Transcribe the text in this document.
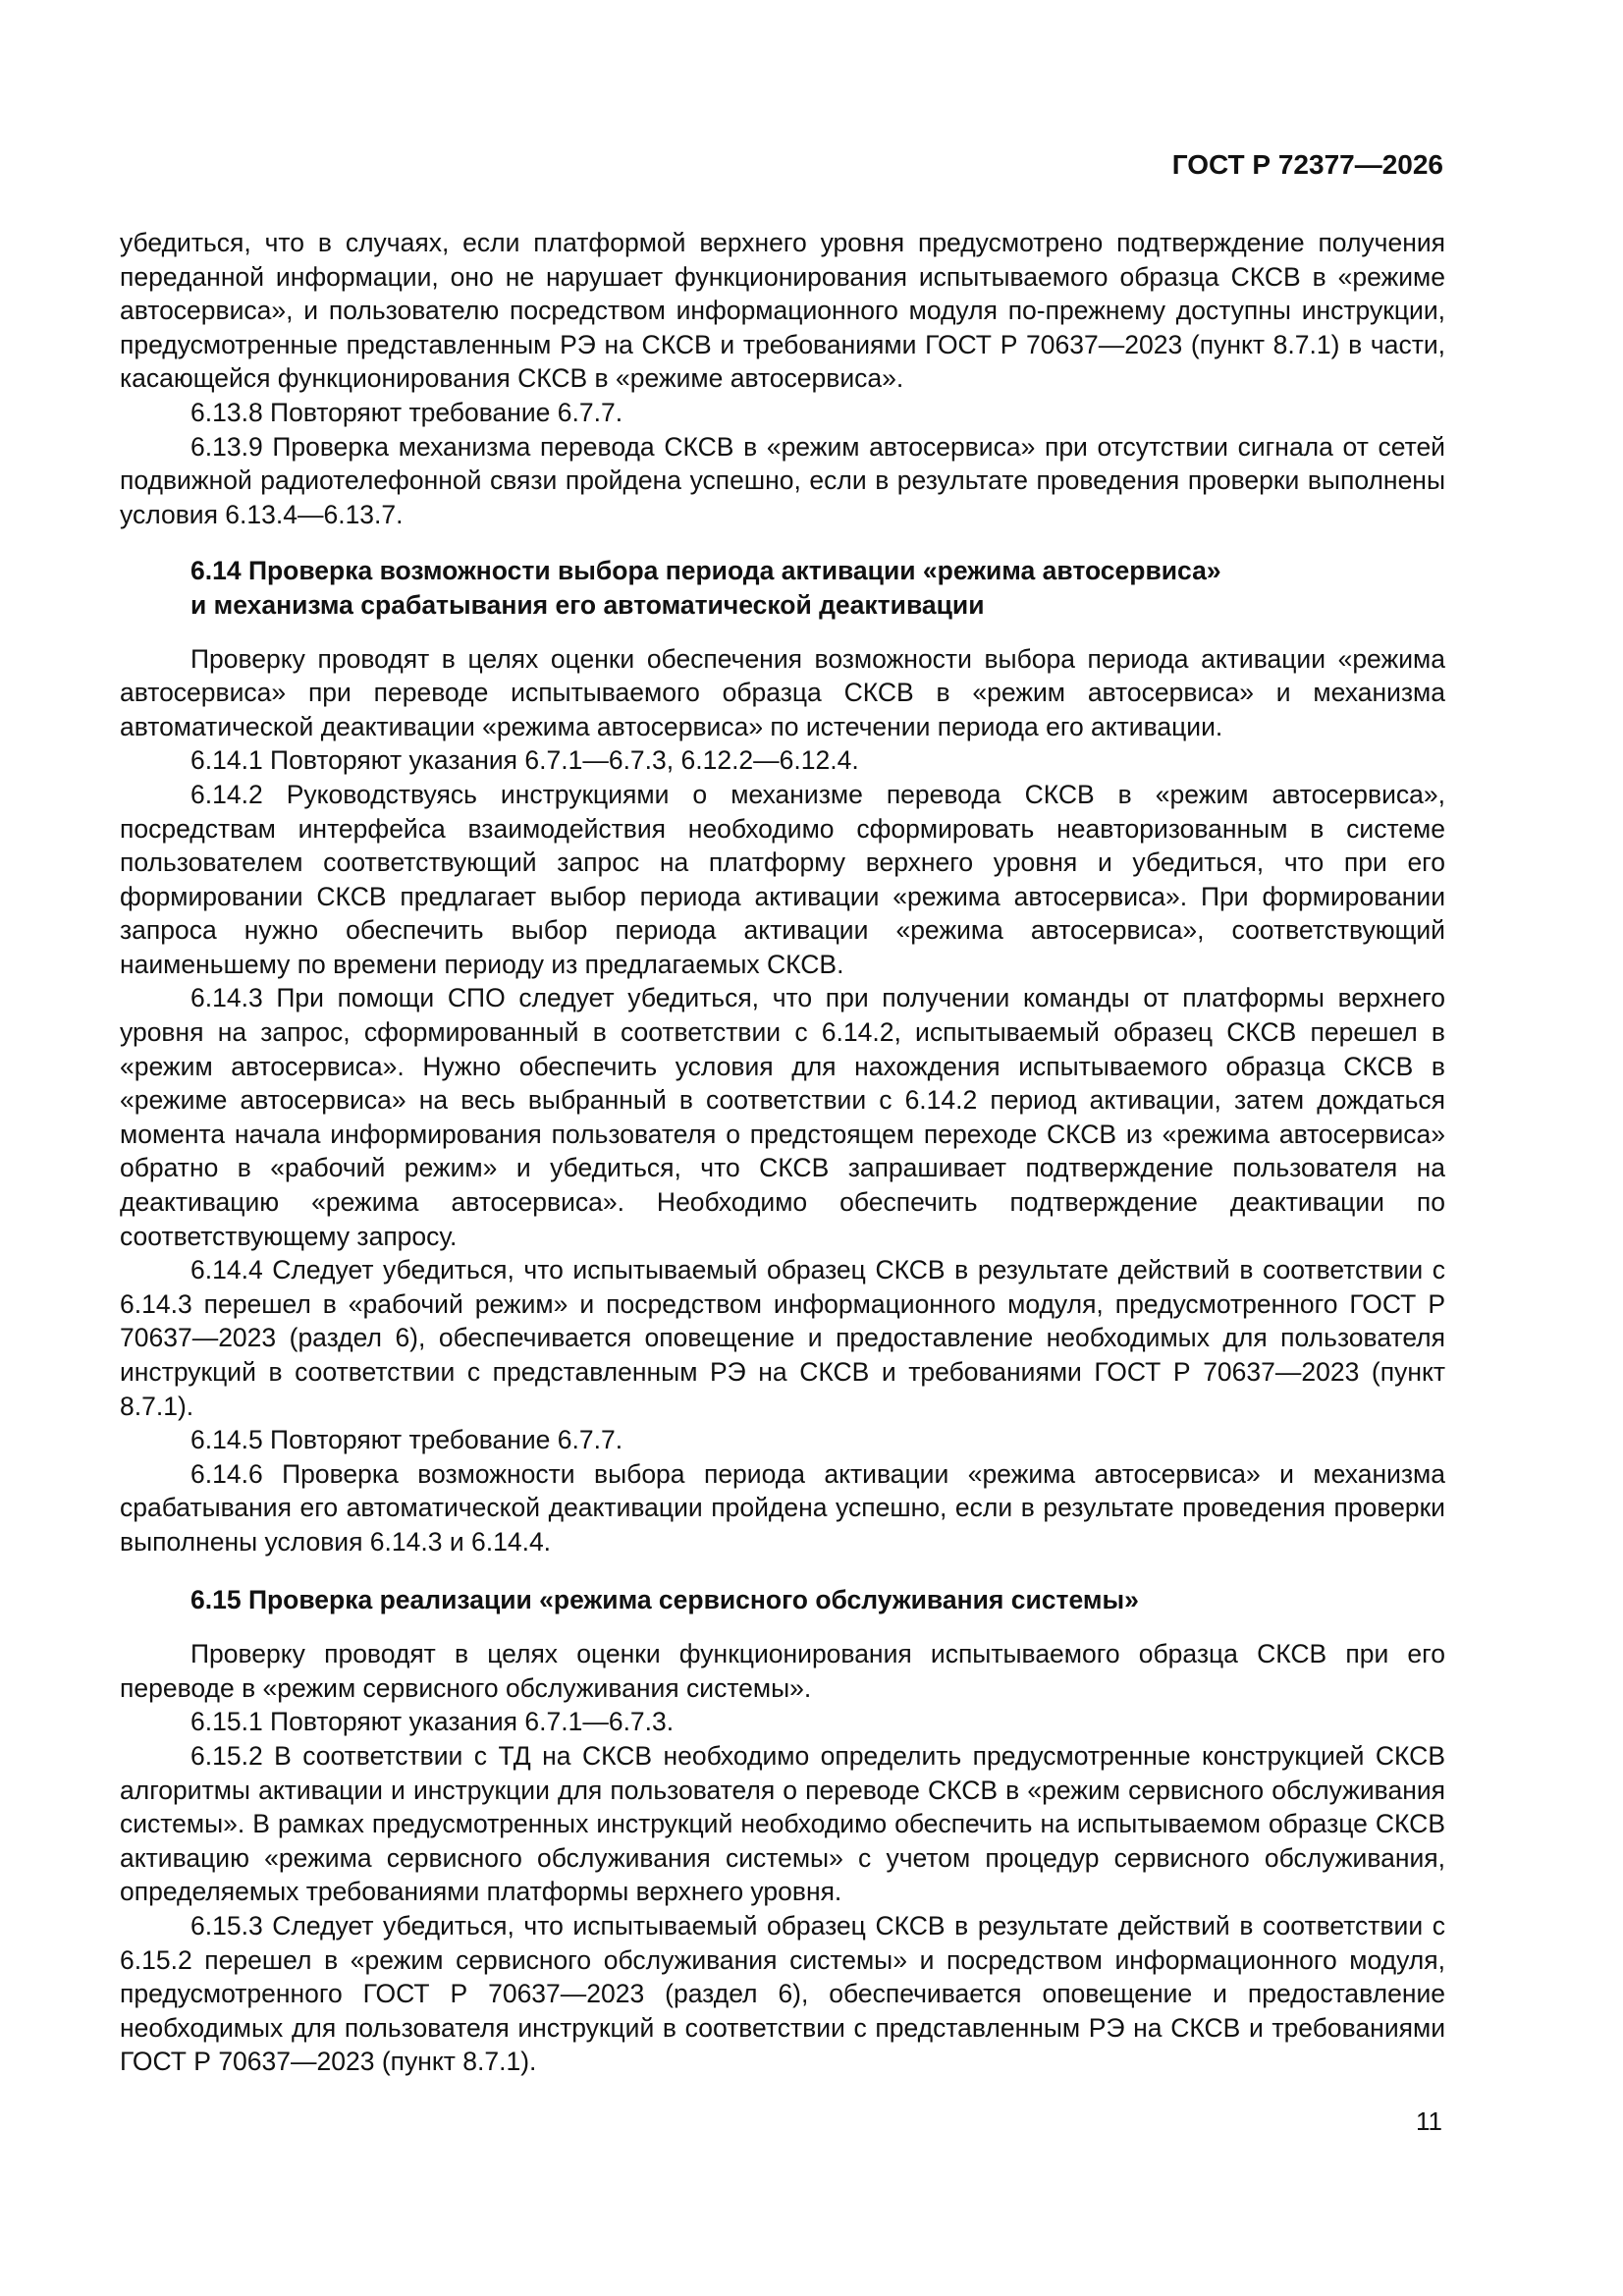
ГОСТ Р 72377—2026

убедиться, что в случаях, если платформой верхнего уровня предусмотрено подтверждение получения переданной информации, оно не нарушает функционирования испытываемого образца СКСВ в «режиме автосервиса», и пользователю посредством информационного модуля по-прежнему доступны инструкции, предусмотренные представленным РЭ на СКСВ и требованиями ГОСТ Р 70637—2023 (пункт 8.7.1) в части, касающейся функционирования СКСВ в «режиме автосервиса».

6.13.8 Повторяют требование 6.7.7.

6.13.9 Проверка механизма перевода СКСВ в «режим автосервиса» при отсутствии сигнала от сетей подвижной радиотелефонной связи пройдена успешно, если в результате проведения проверки выполнены условия 6.13.4—6.13.7.

6.14 Проверка возможности выбора периода активации «режима автосервиса»
и механизма срабатывания его автоматической деактивации

Проверку проводят в целях оценки обеспечения возможности выбора периода активации «режима автосервиса» при переводе испытываемого образца СКСВ в «режим автосервиса» и механизма автоматической деактивации «режима автосервиса» по истечении периода его активации.

6.14.1 Повторяют указания 6.7.1—6.7.3, 6.12.2—6.12.4.

6.14.2 Руководствуясь инструкциями о механизме перевода СКСВ в «режим автосервиса», посредствам интерфейса взаимодействия необходимо сформировать неавторизованным в системе пользователем соответствующий запрос на платформу верхнего уровня и убедиться, что при его формировании СКСВ предлагает выбор периода активации «режима автосервиса». При формировании запроса нужно обеспечить выбор периода активации «режима автосервиса», соответствующий наименьшему по времени периоду из предлагаемых СКСВ.

6.14.3 При помощи СПО следует убедиться, что при получении команды от платформы верхнего уровня на запрос, сформированный в соответствии с 6.14.2, испытываемый образец СКСВ перешел в «режим автосервиса». Нужно обеспечить условия для нахождения испытываемого образца СКСВ в «режиме автосервиса» на весь выбранный в соответствии с 6.14.2 период активации, затем дождаться момента начала информирования пользователя о предстоящем переходе СКСВ из «режима автосервиса» обратно в «рабочий режим» и убедиться, что СКСВ запрашивает подтверждение пользователя на деактивацию «режима автосервиса». Необходимо обеспечить подтверждение деактивации по соответствующему запросу.

6.14.4 Следует убедиться, что испытываемый образец СКСВ в результате действий в соответствии с 6.14.3 перешел в «рабочий режим» и посредством информационного модуля, предусмотренного ГОСТ Р 70637—2023 (раздел 6), обеспечивается оповещение и предоставление необходимых для пользователя инструкций в соответствии с представленным РЭ на СКСВ и требованиями ГОСТ Р 70637—2023 (пункт 8.7.1).

6.14.5 Повторяют требование 6.7.7.

6.14.6 Проверка возможности выбора периода активации «режима автосервиса» и механизма срабатывания его автоматической деактивации пройдена успешно, если в результате проведения проверки выполнены условия 6.14.3 и 6.14.4.

6.15 Проверка реализации «режима сервисного обслуживания системы»

Проверку проводят в целях оценки функционирования испытываемого образца СКСВ при его переводе в «режим сервисного обслуживания системы».

6.15.1 Повторяют указания 6.7.1—6.7.3.

6.15.2 В соответствии с ТД на СКСВ необходимо определить предусмотренные конструкцией СКСВ алгоритмы активации и инструкции для пользователя о переводе СКСВ в «режим сервисного обслуживания системы». В рамках предусмотренных инструкций необходимо обеспечить на испытываемом образце СКСВ активацию «режима сервисного обслуживания системы» с учетом процедур сервисного обслуживания, определяемых требованиями платформы верхнего уровня.

6.15.3 Следует убедиться, что испытываемый образец СКСВ в результате действий в соответствии с 6.15.2 перешел в «режим сервисного обслуживания системы» и посредством информационного модуля, предусмотренного ГОСТ Р 70637—2023 (раздел 6), обеспечивается оповещение и предоставление необходимых для пользователя инструкций в соответствии с представленным РЭ на СКСВ и требованиями ГОСТ Р 70637—2023 (пункт 8.7.1).

11
